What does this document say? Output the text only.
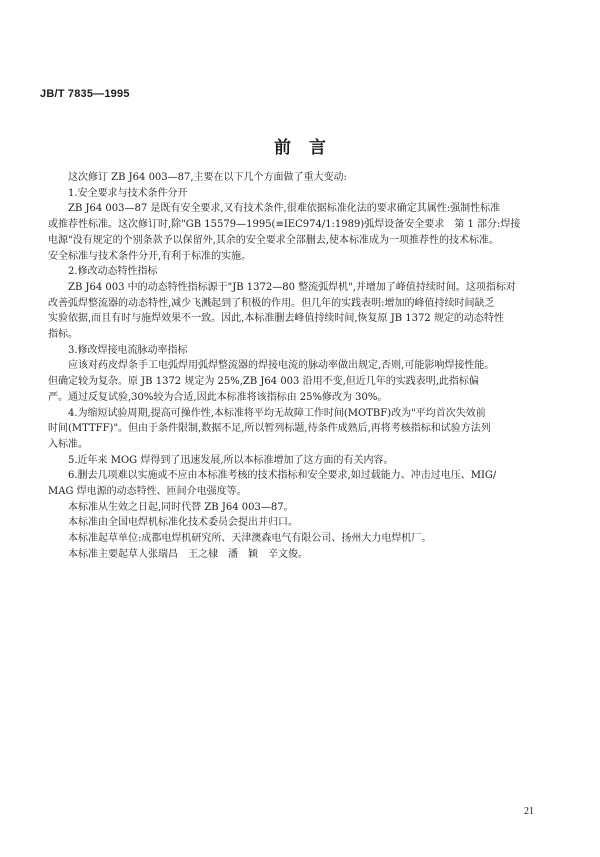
JB/T 7835—1995
前言

这次修订 ZB J64 003—87,主要在以下几个方面做了重大变动:

1.安全要求与技术条件分开

ZB J64 003—87 是既有安全要求,又有技术条件,很难依据标准化法的要求确定其属性:强制性标准

或推荐性标准。这次修订时,除"GB 15579—1995(≡IEC974/1:1989)弧焊设备安全要求　第 1 部分:焊接

电源"没有规定的个别条款予以保留外,其余的安全要求全部删去,使本标准成为一项推荐性的技术标准。

安全标准与技术条件分开,有利于标准的实施。

2.修改动态特性指标

ZB J64 003 中的动态特性指标源于"JB 1372—80 整流弧焊机",并增加了峰值持续时间。这项指标对

改善弧焊整流器的动态特性,减少飞溅起到了积极的作用。但几年的实践表明:增加的峰值持续时间缺乏

实验依据,而且有时与施焊效果不一致。因此,本标准删去峰值持续时间,恢复原 JB 1372 规定的动态特性

指标。

3.修改焊接电流脉动率指标

应该对药皮焊条手工电弧焊用弧焊整流器的焊接电流的脉动率做出规定,否则,可能影响焊接性能。

但确定较为复杂。原 JB 1372 规定为 25%,ZB J64 003 沿用不变,但近几年的实践表明,此指标偏

严。通过反复试验,30%较为合适,因此本标准将该指标由 25%修改为 30%。

4.为缩短试验周期,提高可操作性,本标准将平均无故障工作时间(MOTBF)改为"平均首次失效前

时间(MTTFF)"。但由于条件限制,数据不足,所以暂列标题,待条件成熟后,再将考核指标和试验方法列

入标准。

5.近年来 MOG 焊得到了迅速发展,所以本标准增加了这方面的有关内容。

6.删去几项难以实施或不应由本标准考核的技术指标和安全要求,如过载能力、冲击过电压、MIG/

MAG 焊电源的动态特性、匝间介电强度等。

本标准从生效之日起,同时代替 ZB J64 003—87。

本标准由全国电焊机标准化技术委员会提出并归口。

本标准起草单位:成都电焊机研究所、天津澳森电气有限公司、扬州大力电焊机厂。

本标准主要起草人张瑞昌　王之棣　潘　颖　辛文俊。

21
